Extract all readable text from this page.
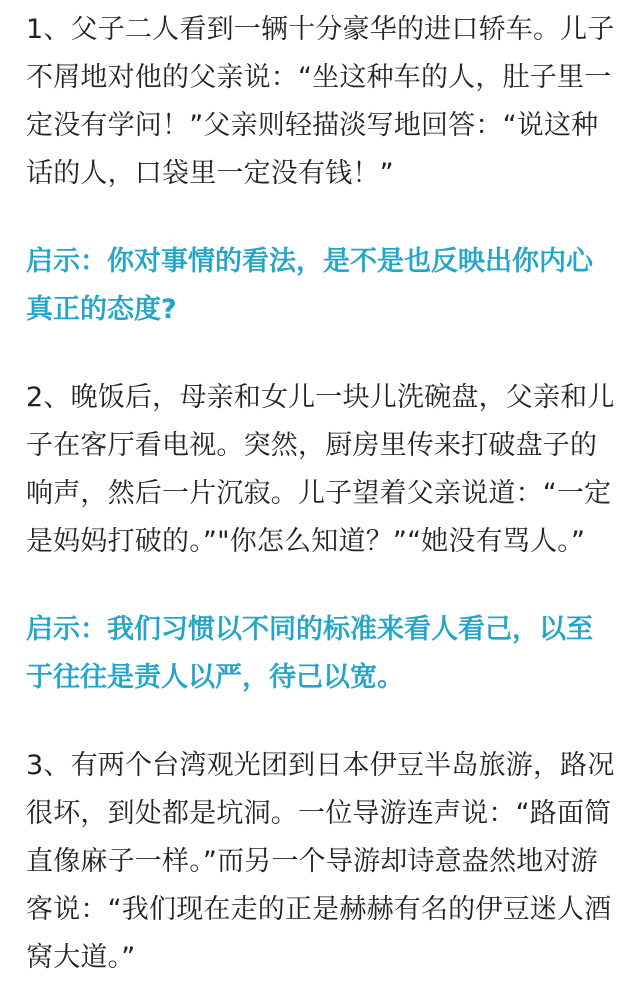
1、父子二人看到一辆十分豪华的进口轿车。儿子
不屑地对他的父亲说：“坐这种车的人，肚子里一
定没有学问！”父亲则轻描淡写地回答：“说这种
话的人，口袋里一定没有钱！”

启示：你对事情的看法，是不是也反映出你内心
真正的态度?

2、晚饭后，母亲和女儿一块儿洗碗盘，父亲和儿
子在客厅看电视。突然，厨房里传来打破盘子的
响声，然后一片沉寂。儿子望着父亲说道：“一定
是妈妈打破的。”"你怎么知道？”“她没有骂人。”

启示：我们习惯以不同的标准来看人看己，以至
于往往是责人以严，待己以宽。

3、有两个台湾观光团到日本伊豆半岛旅游，路况
很坏，到处都是坑洞。一位导游连声说：“路面简
直像麻子一样。”而另一个导游却诗意盎然地对游
客说：“我们现在走的正是赫赫有名的伊豆迷人酒
窝大道。”
